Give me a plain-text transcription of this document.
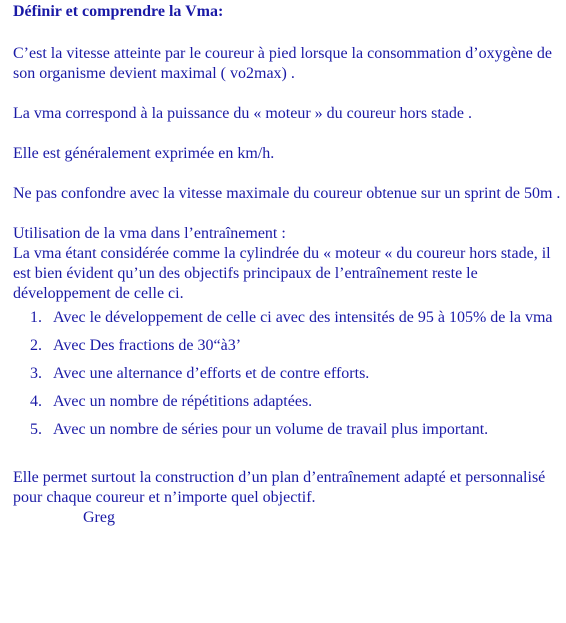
Définir et comprendre la Vma:

C’est la vitesse atteinte par le coureur à pied lorsque la consommation d’oxygène de son organisme devient maximal ( vo2max) .

La vma correspond à la puissance du « moteur » du coureur hors stade .

Elle est généralement exprimée en km/h.

Ne pas confondre avec la vitesse maximale du coureur obtenue sur un sprint de 50m .

Utilisation de la vma dans l’entraînement :

La vma étant considérée comme la cylindrée du « moteur « du coureur hors stade, il est bien évident qu’un des objectifs principaux de l’entraînement reste le développement de celle ci.

Avec le développement de celle ci avec des intensités de 95 à 105% de la vma
Avec Des fractions de 30“à3’
Avec une alternance d’efforts et de contre efforts.
Avec un nombre de répétitions adaptées.
Avec un nombre de séries pour un volume de travail plus important.

Elle permet surtout la construction d’un plan d’entraînement adapté et personnalisé pour chaque coureur et n’importe quel objectif.

Greg
